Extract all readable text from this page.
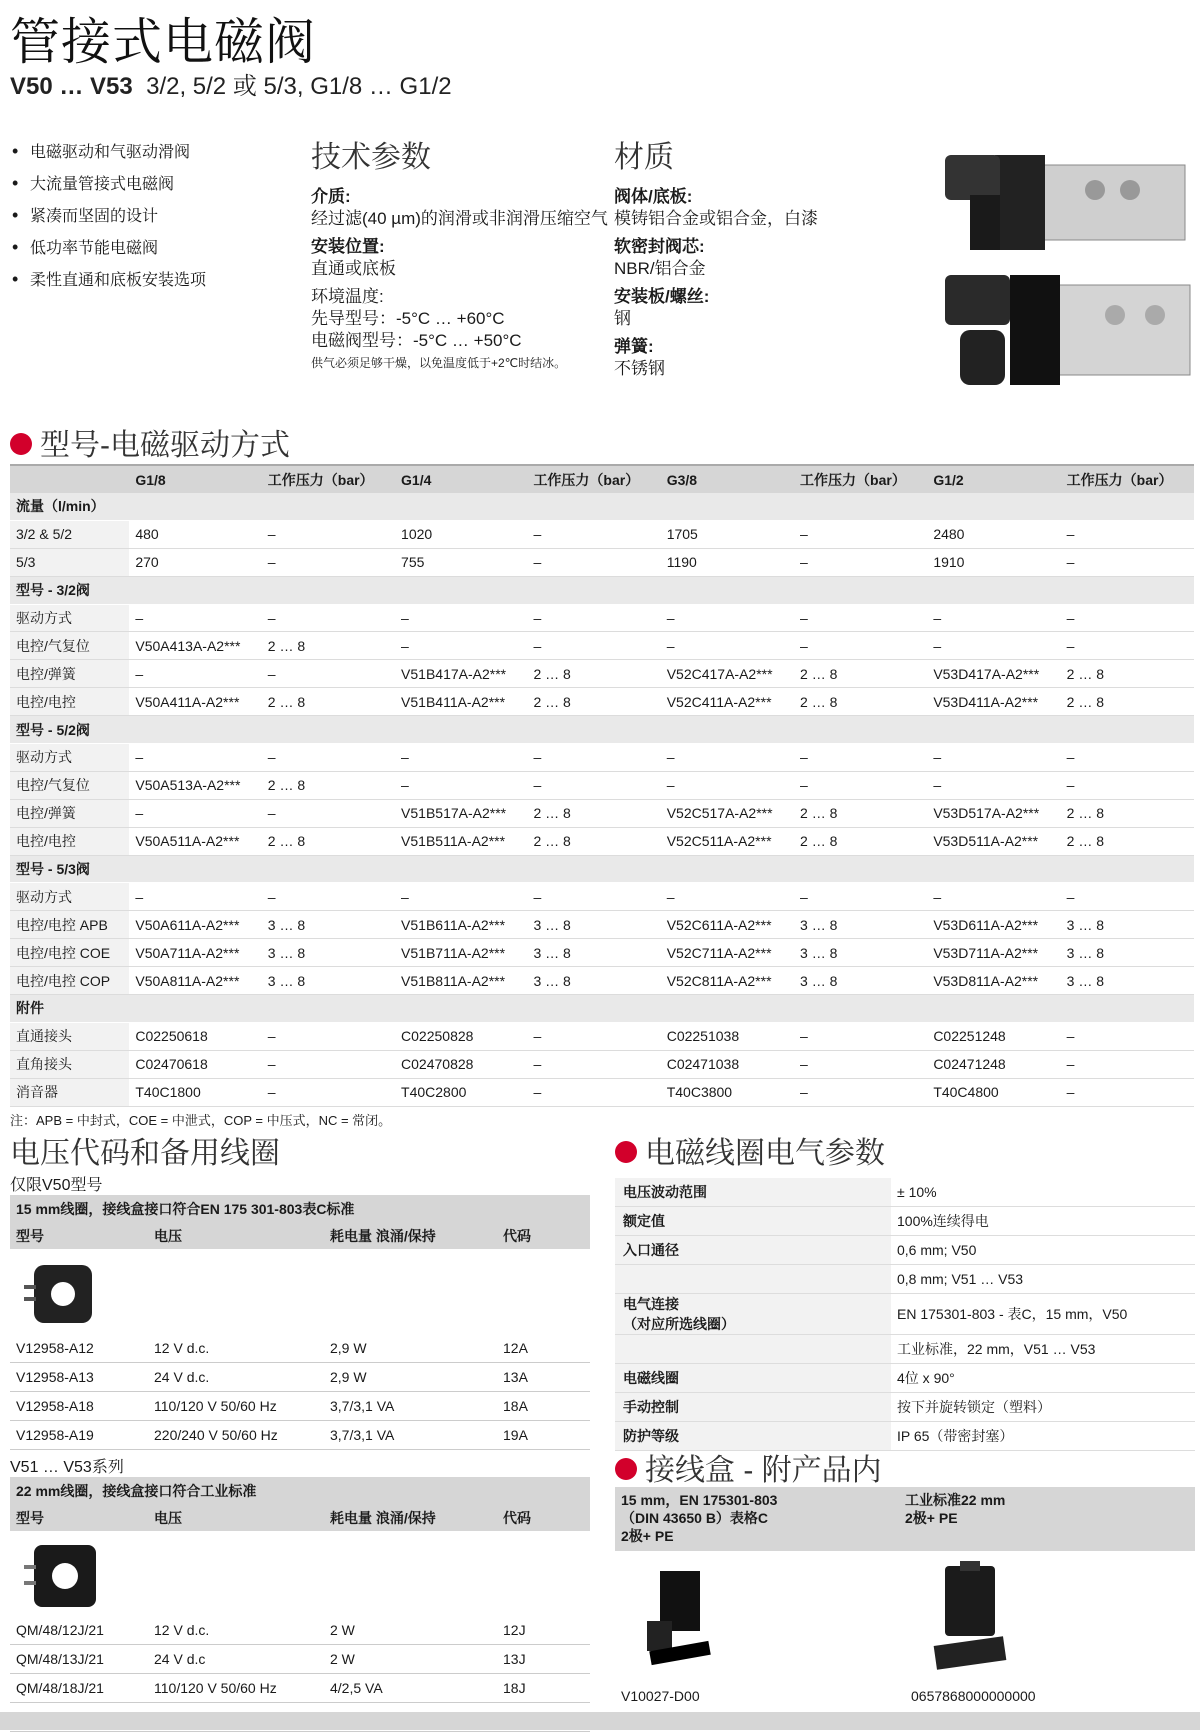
管接式电磁阀
V50 … V53 3/2, 5/2 或 5/3, G1/8 … G1/2
• 电磁驱动和气驱动滑阀
• 大流量管接式电磁阀
• 紧凑而坚固的设计
• 低功率节能电磁阀
• 柔性直通和底板安装选项
技术参数
介质:
经过滤(40 µm)的润滑或非润滑压缩空气
安装位置:
直通或底板
环境温度:
先导型号：-5°C … +60°C
电磁阀型号：-5°C … +50°C
供气必须足够干燥，以免温度低于+2℃时结冰。
材质
阀体/底板:
模铸铝合金或铝合金，白漆
软密封阀芯:
NBR/铝合金
安装板/螺丝:
钢
弹簧:
不锈钢
型号-电磁驱动方式
	G1/8	工作压力（bar）	G1/4	工作压力（bar）	G3/8	工作压力（bar）	G1/2	工作压力（bar）
流量（l/min）								
3/2 & 5/2	480	–	1020	–	1705	–	2480	–
5/3	270	–	755	–	1190	–	1910	–
型号 - 3/2阀								
驱动方式	–	–	–	–	–	–	–	–
电控/气复位	V50A413A-A2***	2 … 8	–	–	–	–	–	–
电控/弹簧	–	–	V51B417A-A2***	2 … 8	V52C417A-A2***	2 … 8	V53D417A-A2***	2 … 8
电控/电控	V50A411A-A2***	2 … 8	V51B411A-A2***	2 … 8	V52C411A-A2***	2 … 8	V53D411A-A2***	2 … 8
型号 - 5/2阀								
驱动方式	–	–	–	–	–	–	–	–
电控/气复位	V50A513A-A2***	2 … 8	–	–	–	–	–	–
电控/弹簧	–	–	V51B517A-A2***	2 … 8	V52C517A-A2***	2 … 8	V53D517A-A2***	2 … 8
电控/电控	V50A511A-A2***	2 … 8	V51B511A-A2***	2 … 8	V52C511A-A2***	2 … 8	V53D511A-A2***	2 … 8
型号 - 5/3阀								
驱动方式	–	–	–	–	–	–	–	–
电控/电控 APB	V50A611A-A2***	3 … 8	V51B611A-A2***	3 … 8	V52C611A-A2***	3 … 8	V53D611A-A2***	3 … 8
电控/电控 COE	V50A711A-A2***	3 … 8	V51B711A-A2***	3 … 8	V52C711A-A2***	3 … 8	V53D711A-A2***	3 … 8
电控/电控 COP	V50A811A-A2***	3 … 8	V51B811A-A2***	3 … 8	V52C811A-A2***	3 … 8	V53D811A-A2***	3 … 8
附件								
直通接头	C02250618	–	C02250828	–	C02251038	–	C02251248	–
直角接头	C02470618	–	C02470828	–	C02471038	–	C02471248	–
消音器	T40C1800	–	T40C2800	–	T40C3800	–	T40C4800	–
注：APB = 中封式，COE = 中泄式，COP = 中压式，NC = 常闭。
电压代码和备用线圈
仅限V50型号
15 mm线圈，接线盒接口符合EN 175 301-803表C标准
型号	电压	耗电量 浪涌/保持	代码
V12958-A12	12 V d.c.	2,9 W	12A
V12958-A13	24 V d.c.	2,9 W	13A
V12958-A18	110/120 V 50/60 Hz	3,7/3,1 VA	18A
V12958-A19	220/240 V 50/60 Hz	3,7/3,1 VA	19A
V51 … V53系列
22 mm线圈，接线盒接口符合工业标准
型号	电压	耗电量 浪涌/保持	代码
QM/48/12J/21	12 V d.c.	2 W	12J
QM/48/13J/21	24 V d.c	2 W	13J
QM/48/18J/21	110/120 V 50/60 Hz	4/2,5 VA	18J
电磁线圈电气参数
电压波动范围	± 10%
额定值	100%连续得电
入口通径	0,6 mm; V50
0,8 mm; V51 … V53
电气连接
（对应所选线圈）
EN 175301-803 - 表C，15 mm，V50
工业标准，22 mm，V51 … V53
电磁线圈	4位 x 90°
手动控制	按下并旋转锁定（塑料）
防护等级	IP 65（带密封塞）
接线盒 - 附产品内
15 mm，EN 175301-803
（DIN 43650 B）表格C
2极+ PE
工业标准22 mm
2极+ PE
V10027-D00	0657868000000000
